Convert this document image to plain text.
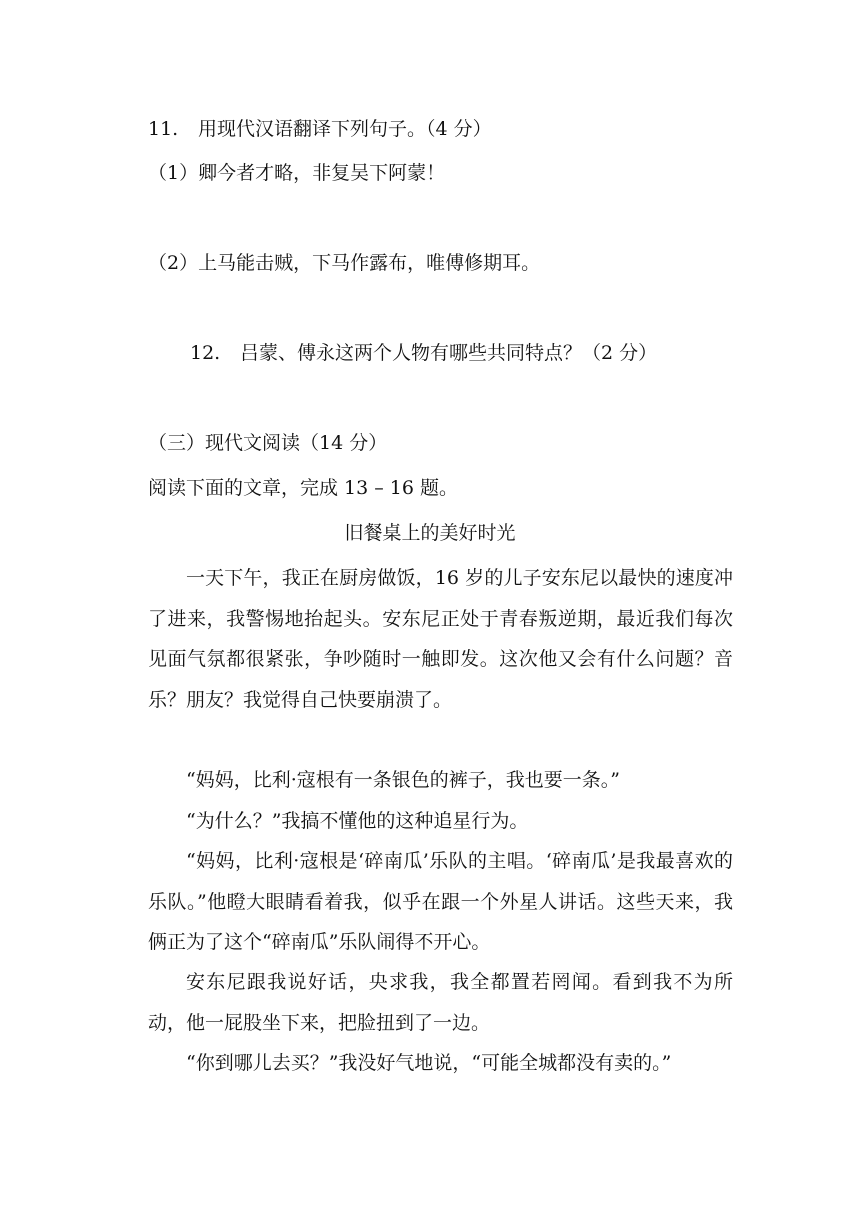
11. 用现代汉语翻译下列句子。（4 分）
（1）卿今者才略，非复吴下阿蒙！
（2）上马能击贼，下马作露布，唯傅修期耳。
12. 吕蒙、傅永这两个人物有哪些共同特点？（2 分）
（三）现代文阅读（14 分）
阅读下面的文章，完成 13 – 16 题。
旧餐桌上的美好时光

一天下午，我正在厨房做饭，16 岁的儿子安东尼以最快的速度冲了进来，我警惕地抬起头。安东尼正处于青春叛逆期，最近我们每次见面气氛都很紧张，争吵随时一触即发。这次他又会有什么问题？音乐？朋友？我觉得自己快要崩溃了。

“妈妈，比利·寇根有一条银色的裤子，我也要一条。”

“为什么？”我搞不懂他的这种追星行为。

“妈妈，比利·寇根是‘碎南瓜’乐队的主唱。‘碎南瓜’是我最喜欢的乐队。”他瞪大眼睛看着我，似乎在跟一个外星人讲话。这些天来，我俩正为了这个“碎南瓜”乐队闹得不开心。

安东尼跟我说好话，央求我，我全都置若罔闻。看到我不为所动，他一屁股坐下来，把脸扭到了一边。

“你到哪儿去买？”我没好气地说，“可能全城都没有卖的。”
